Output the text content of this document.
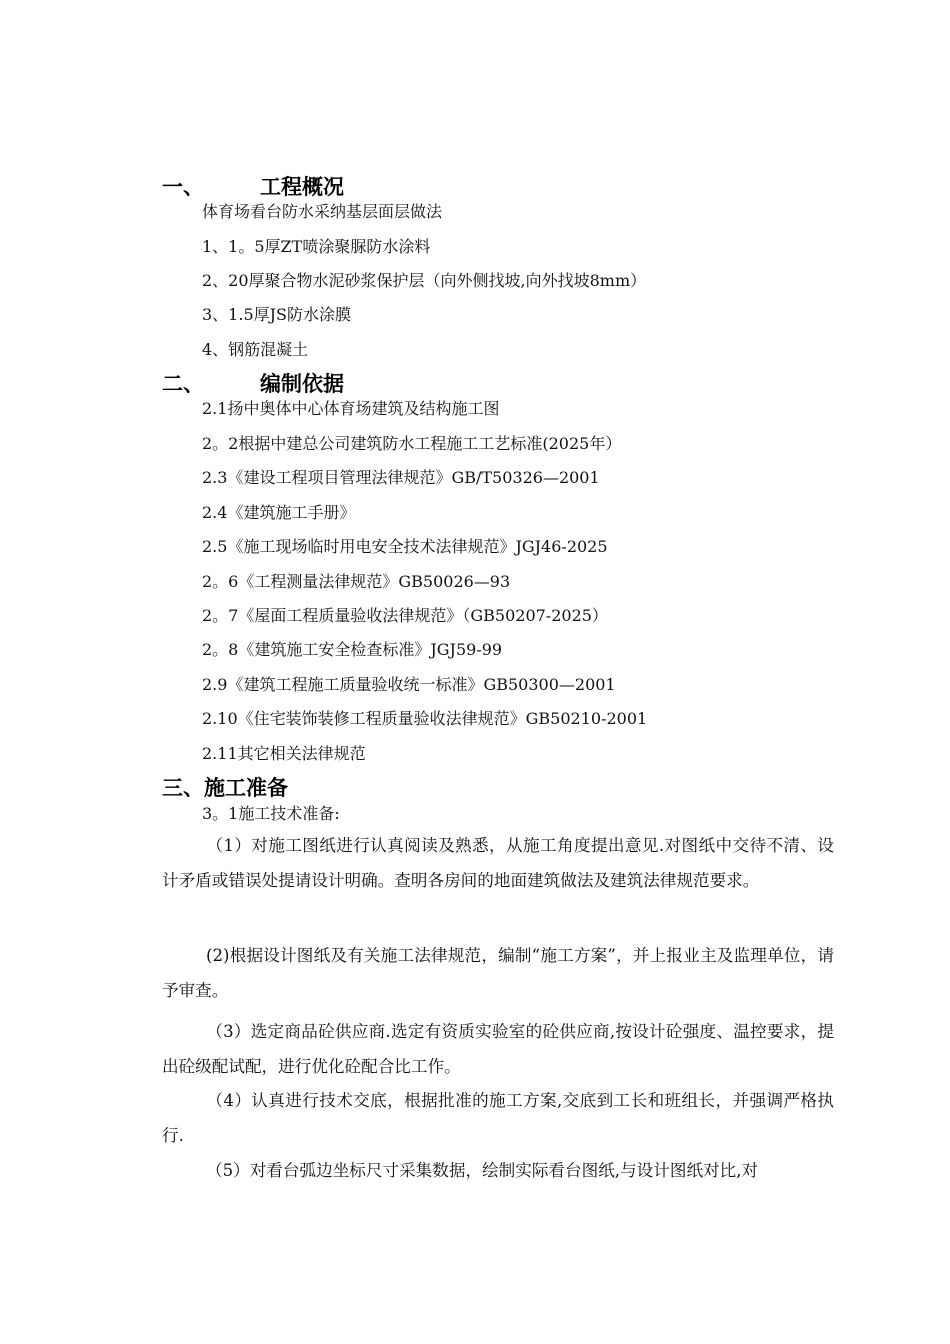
一、	工程概况
体育场看台防水采纳基层面层做法
1、1。5厚ZT喷涂聚脲防水涂料
2、20厚聚合物水泥砂浆保护层（向外侧找坡,向外找坡8mm）
3、1.5厚JS防水涂膜
4、钢筋混凝土
二、	编制依据
2.1扬中奥体中心体育场建筑及结构施工图
2。2根据中建总公司建筑防水工程施工工艺标准(2025年）
2.3《建设工程项目管理法律规范》GB/T50326—2001
2.4《建筑施工手册》
2.5《施工现场临时用电安全技术法律规范》JGJ46-2025
2。6《工程测量法律规范》GB50026—93
2。7《屋面工程质量验收法律规范》（GB50207-2025）
2。8《建筑施工安全检查标准》JGJ59-99
2.9《建筑工程施工质量验收统一标准》GB50300—2001
2.10《住宅装饰装修工程质量验收法律规范》GB50210-2001
2.11其它相关法律规范
三、施工准备
3。1施工技术准备:
（1）对施工图纸进行认真阅读及熟悉，从施工角度提出意见.对图纸中交待不清、设计矛盾或错误处提请设计明确。查明各房间的地面建筑做法及建筑法律规范要求。
(2)根据设计图纸及有关施工法律规范，编制“施工方案”，并上报业主及监理单位，请予审查。
（3）选定商品砼供应商.选定有资质实验室的砼供应商,按设计砼强度、温控要求，提出砼级配试配，进行优化砼配合比工作。
（4）认真进行技术交底，根据批准的施工方案,交底到工长和班组长，并强调严格执行.
（5）对看台弧边坐标尺寸采集数据，绘制实际看台图纸,与设计图纸对比,对
